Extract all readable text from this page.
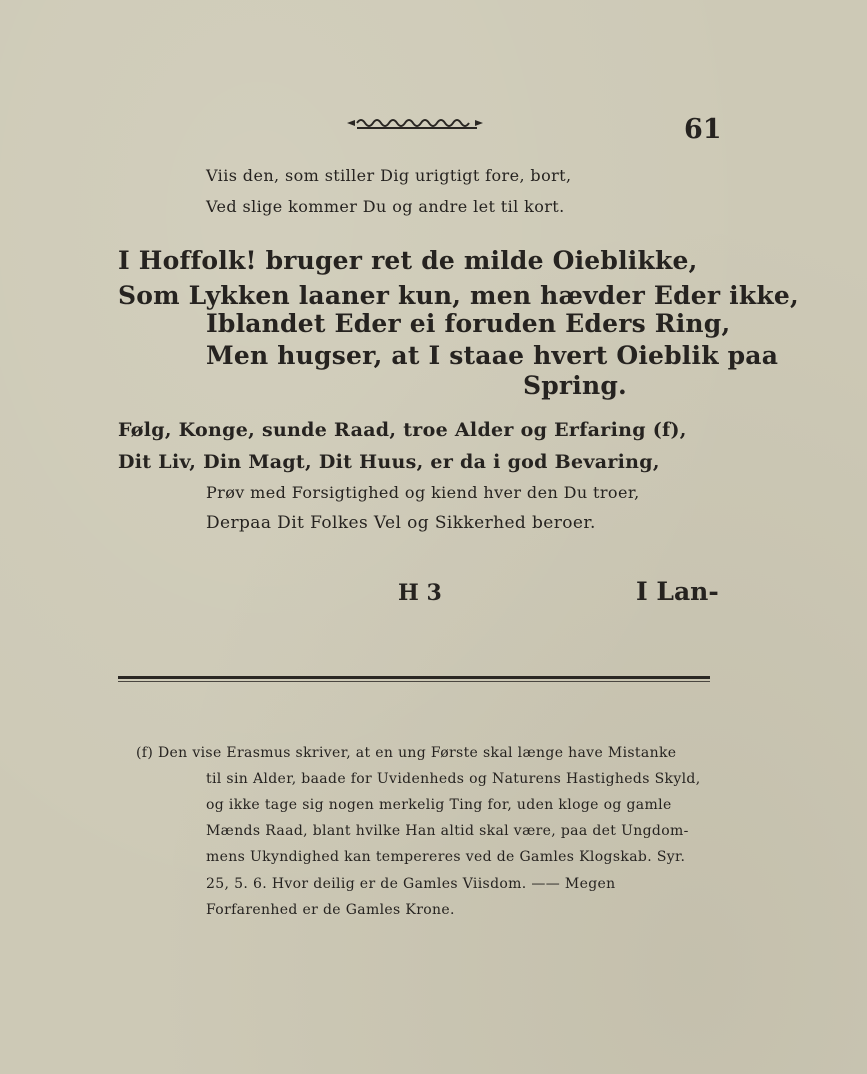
61
Viis den, som stiller Dig urigtigt fore, bort,
Ved slige kommer Du og andre let til kort.
I Hoffolk! bruger ret de milde Oieblikke,
Som Lykken laaner kun, men hævder Eder ikke,
Iblandet Eder ei foruden Eders Ring,
Men hugser, at I staae hvert Oieblik paa
Spring.
Følg, Konge, sunde Raad, troe Alder og Erfaring (f),
Dit Liv, Din Magt, Dit Huus, er da i god Bevaring,
Prøv med Forsigtighed og kiend hver den Du troer,
Derpaa Dit Folkes Vel og Sikkerhed beroer.
H 3	I Lan-
(f) Den vise Erasmus skriver, at en ung Første skal længe have Mistanke
til sin Alder, baade for Uvidenheds og Naturens Hastigheds Skyld,
og ikke tage sig nogen merkelig Ting for, uden kloge og gamle
Mænds Raad, blant hvilke Han altid skal være, paa det Ungdom-
mens Ukyndighed kan tempereres ved de Gamles Klogskab. Syr.
25, 5. 6. Hvor deilig er de Gamles Viisdom. —— Megen
Forfarenhed er de Gamles Krone.
